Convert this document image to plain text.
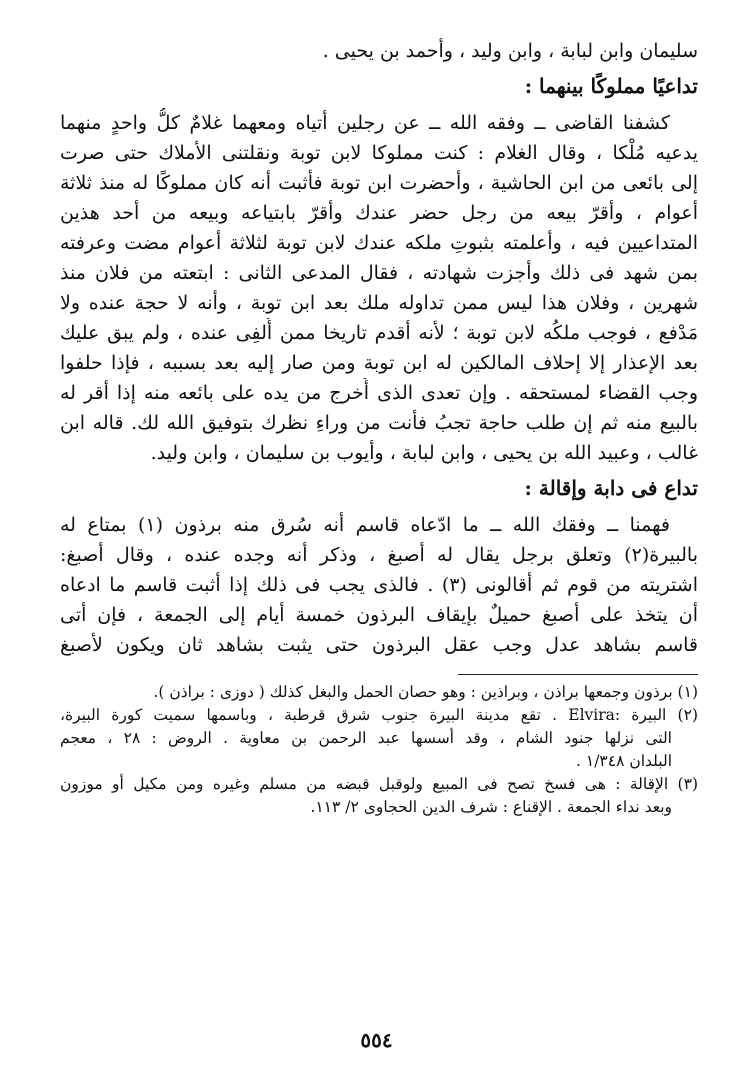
سليمان وابن لبابة ، وابن وليد ، وأحمد بن يحيى .
تداعيًا مملوكًا بينهما :
كشفنا القاضى ــ وفقه الله ــ عن رجلين أتياه ومعهما غلامٌ كلُّ واحدٍ منهما
يدعيه مُلْكا ، وقال الغلام : كنت مملوكا لابن توبة ونقلتنى الأملاك حتى صرت
إلى بائعى من ابن الحاشية ، وأحضرت ابن توبة فأثبت أنه كان مملوكًا له منذ ثلاثة
أعوام ، وأقرّ بيعه من رجل حضر عندك وأقرّ بابتياعه وبيعه من أحد هذين
المتداعيين فيه ، وأعلمته بثبوتِ ملكه عندك لابن توبة لثلاثة أعوام مضت وعرفته
بمن شهد فى ذلك وأجزت شهادته ، فقال المدعى الثانى : ابتعته من فلان منذ
شهرين ، وفلان هذا ليس ممن تداوله ملك بعد ابن توبة ، وأنه لا حجة عنده ولا
مَدْفع ، فوجب ملكُه لابن توبة ؛ لأنه أقدم تاريخا ممن أُلفِى عنده ، ولم يبق عليك
بعد الإعذار إلا إحلاف المالكين له ابن توبة ومن صار إليه بعد بسببه ، فإذا حلفوا
وجب القضاء لمستحقه . وإن تعدى الذى أُخرج من يده على بائعه منه إذا أقر له
بالبيع منه ثم إن طلب حاجة تجبُ فأنت من وراءِ نظرك بتوفيق الله لك. قاله ابن
غالب ، وعبيد الله بن يحيى ، وابن لبابة ، وأيوب بن سليمان ، وابن وليد.
تداع فى دابة وإقالة :
فهمنا ــ وفقك الله ــ ما ادّعاه قاسم أنه سُرق منه برذون (١) بمتاع له
بالبيرة(٢) وتعلق برجل يقال له أصبغ ، وذكر أنه وجده عنده ، وقال أصبغ:
اشتريته من قوم ثم أقالونى (٣) . فالذى يجب فى ذلك إذا أثبت قاسم ما ادعاه
أن يتخذ على أصبغ حميلٌ بإيقاف البرذون خمسة أيام إلى الجمعة ، فإن أتى
قاسم بشاهد عدل وجب عقل البرذون حتى يثبت بشاهد ثان ويكون لأصبغ
(١) برذون وجمعها براذن ، وبراذين : وهو حصان الحمل والبغل كذلك ( دوزى : براذن ).
(٢) البيرة :Elvira . تقع مدينة البيرة جنوب شرق قرطبة ، وباسمها سميت كورة البيرة،
التى نزلها جنود الشام ، وقد أسسها عبد الرحمن بن معاوية . الروض : ٢٨ ، معجم
البلدان ١/٣٤٨ .
(٣) الإقالة : هى فسخ تصح فى المبيع ولوقبل قبضه من مسلم وغيره ومن مكيل أو موزون
وبعد نداء الجمعة . الإقناع : شرف الدين الحجاوى ٢/ ١١٣.
٥٥٤
